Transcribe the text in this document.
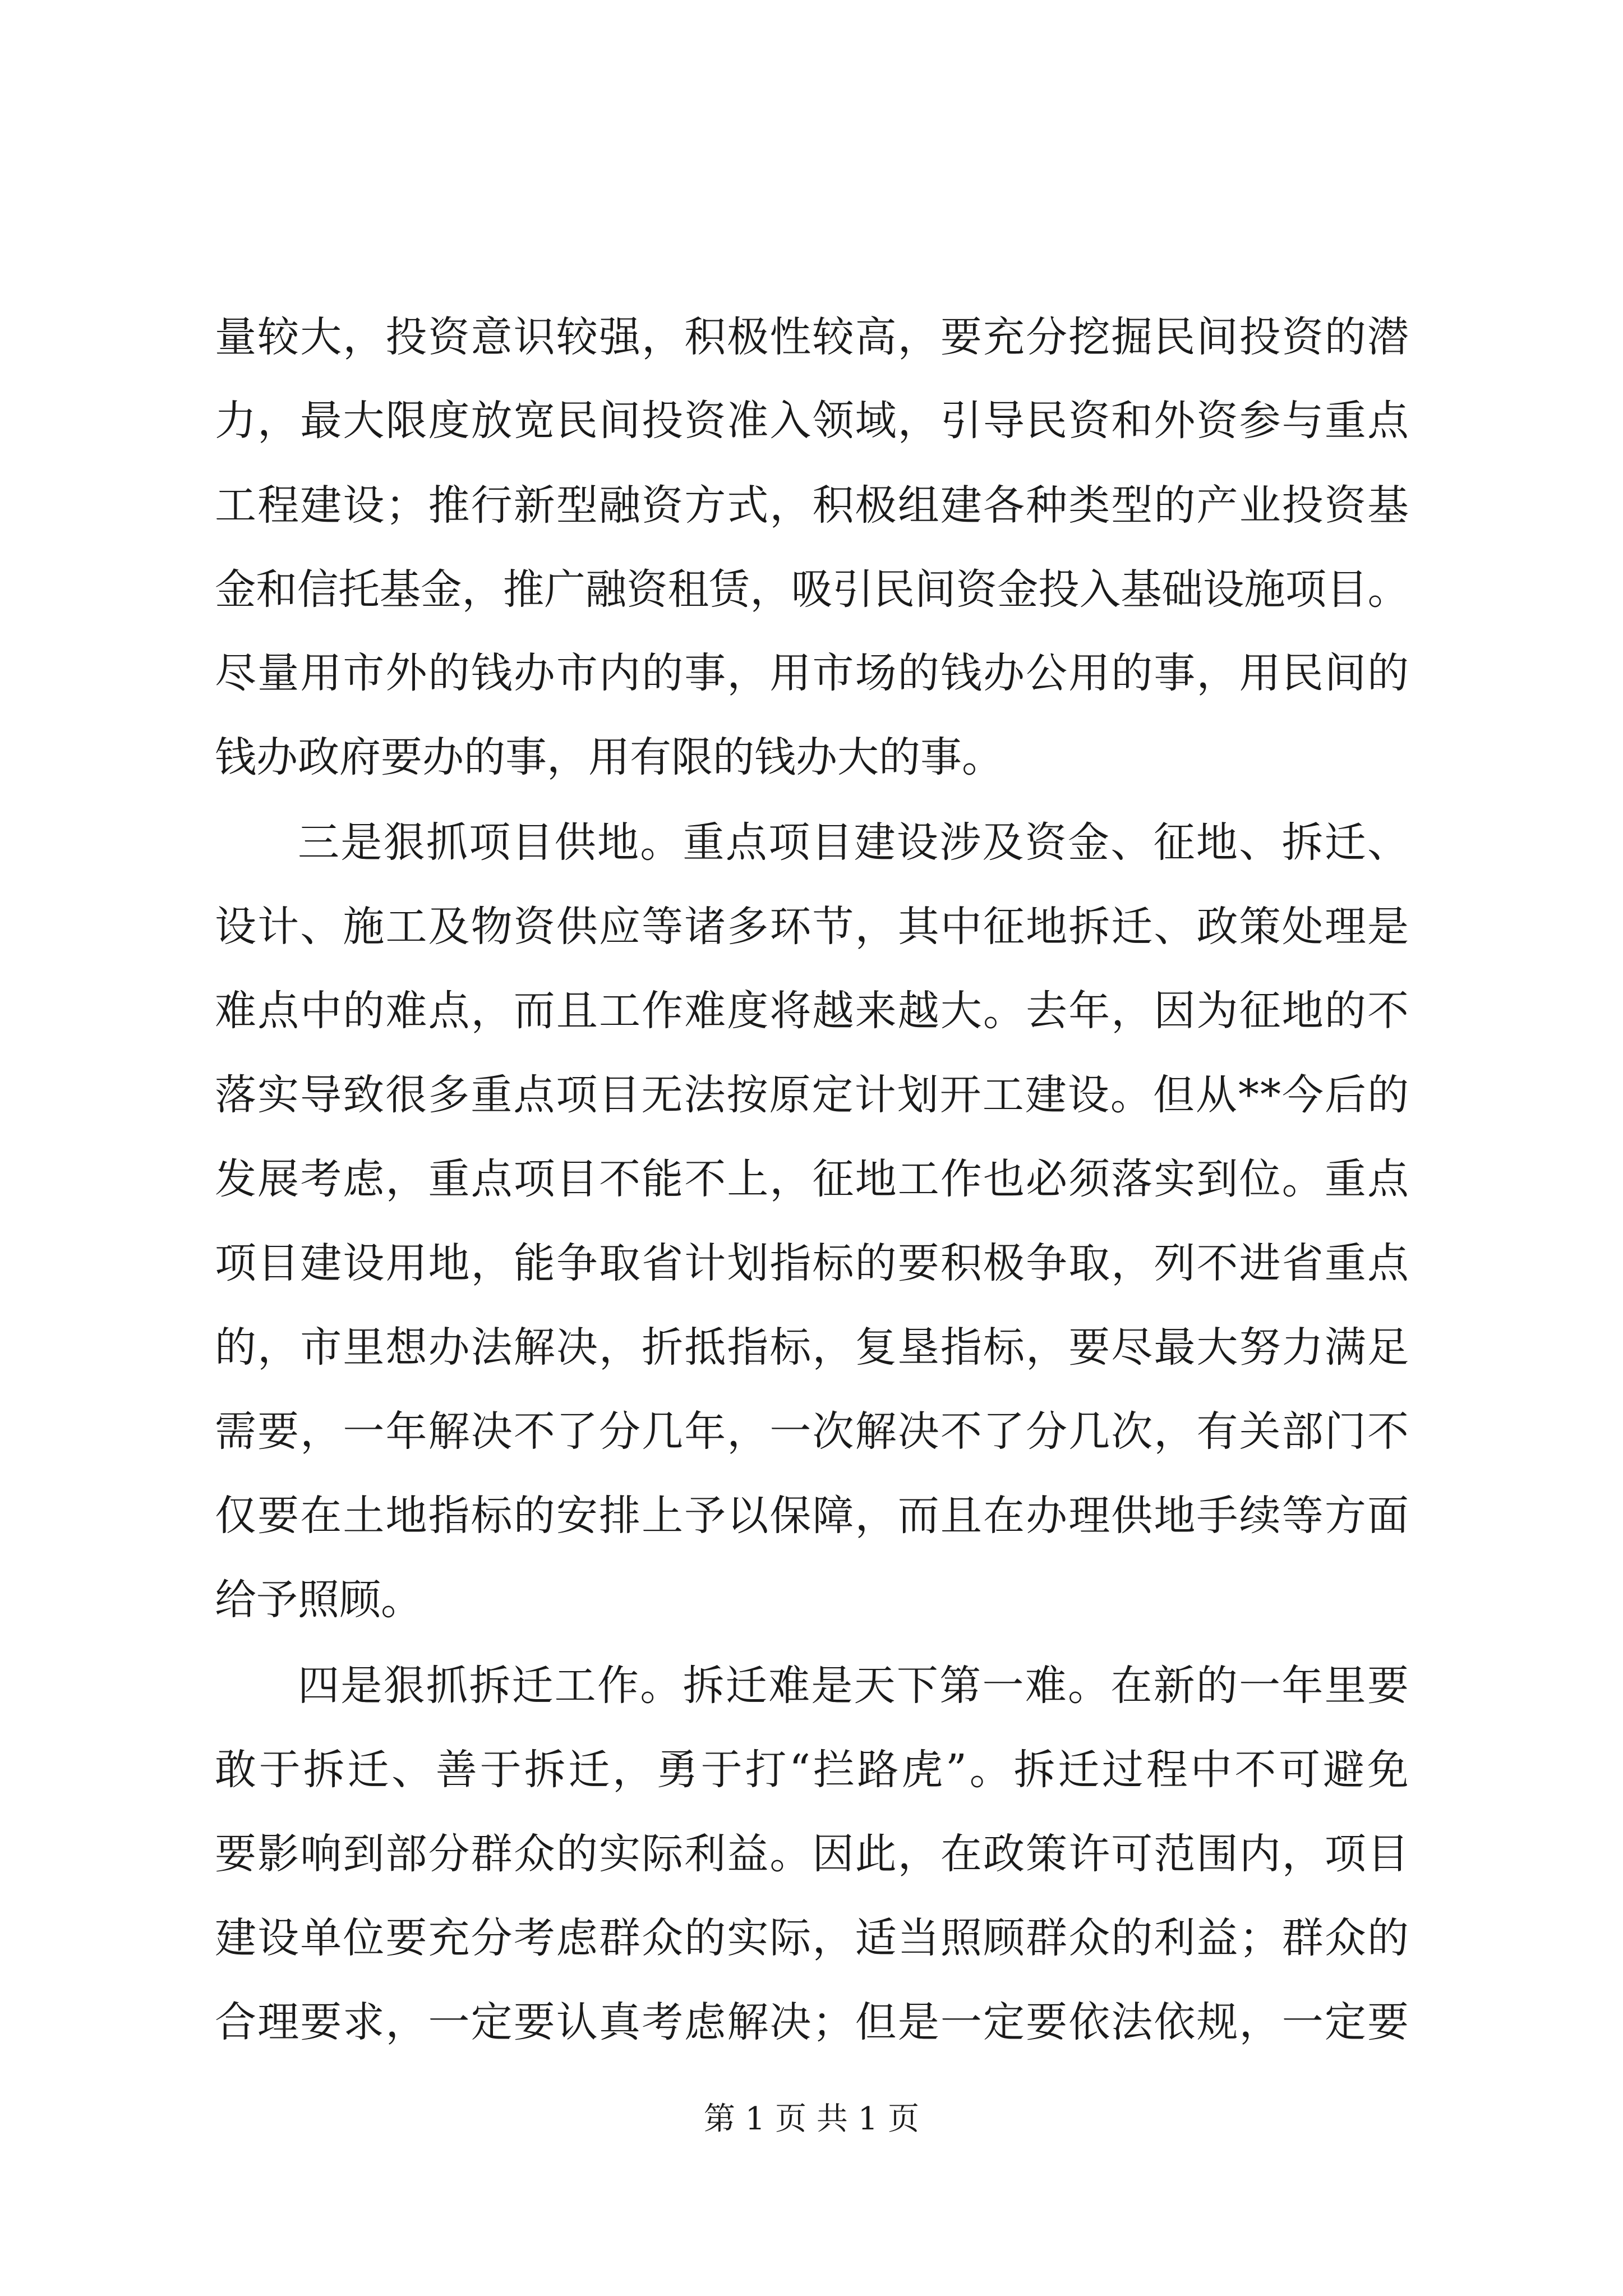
量较大，投资意识较强，积极性较高，要充分挖掘民间投资的潜
力，最大限度放宽民间投资准入领域，引导民资和外资参与重点
工程建设；推行新型融资方式，积极组建各种类型的产业投资基
金和信托基金，推广融资租赁，吸引民间资金投入基础设施项目。
尽量用市外的钱办市内的事，用市场的钱办公用的事，用民间的
钱办政府要办的事，用有限的钱办大的事。
三是狠抓项目供地。重点项目建设涉及资金、征地、拆迁、
设计、施工及物资供应等诸多环节，其中征地拆迁、政策处理是
难点中的难点，而且工作难度将越来越大。去年，因为征地的不
落实导致很多重点项目无法按原定计划开工建设。但从**今后的
发展考虑，重点项目不能不上，征地工作也必须落实到位。重点
项目建设用地，能争取省计划指标的要积极争取，列不进省重点
的，市里想办法解决，折抵指标，复垦指标，要尽最大努力满足
需要，一年解决不了分几年，一次解决不了分几次，有关部门不
仅要在土地指标的安排上予以保障，而且在办理供地手续等方面
给予照顾。
四是狠抓拆迁工作。拆迁难是天下第一难。在新的一年里要
敢于拆迁、善于拆迁，勇于打“拦路虎”。拆迁过程中不可避免
要影响到部分群众的实际利益。因此，在政策许可范围内，项目
建设单位要充分考虑群众的实际，适当照顾群众的利益；群众的
合理要求，一定要认真考虑解决；但是一定要依法依规，一定要
第 1 页 共 1 页
